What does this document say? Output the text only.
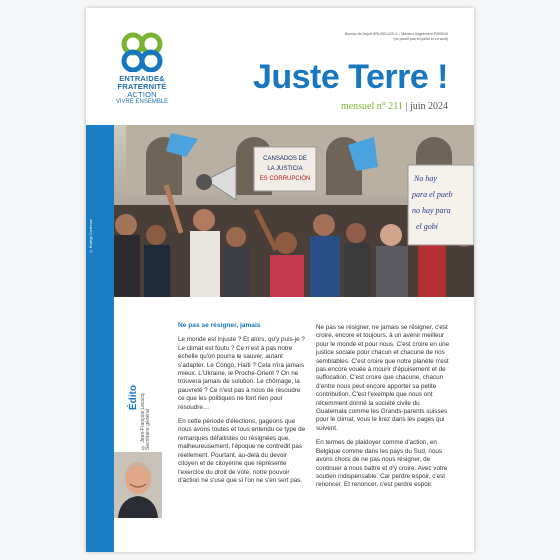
ENTRAIDE&
FRATERNITÉ
ACTION
VIVRE ENSEMBLE
Bureau de Dépôt BRUXELLES X • Numéro d'agrément P303016
(ne paraît pas en juillet et en août)
Juste Terre !
mensuel n° 211 | juin 2024
CANSADOS DE
LA JUSTICIA
ES CORRUPCIÓN	No hay
para el pueb
no hay para
el gobi
© Rodrigo Contreras
Édito © Jean-François Lecocq
Secrétaire général
Ne pas se résigner, jamais

Le monde est injuste ? Et alors, qu'y puis-je ? Le climat est foutu ? Ce n'est à pas notre échelle qu'on pourra le sauver, autant s'adapter. Le Congo, Haïti ? Cela n'ira jamais mieux. L'Ukraine, le Proche-Orient ? On ne trouvera jamais de solution. Le chômage, la pauvreté ? Ce n'est pas à nous de résoudre ce que les politiques ne font rien pour résoudre…

En cette période d'élections, gageons que nous avons toutes et tous entendu ce type de remarques défaitistes ou résignées que, malheureusement, l'époque ne contredit pas réellement. Pourtant, au-delà du devoir citoyen et de citoyenne que représente l'exercice du droit de vote, notre pouvoir d'action ne s'use que si l'on ne s'en sert pas.

Ne pas se résigner, ne jamais se résigner, c'est croire, encore et toujours, à un avenir meilleur pour le monde et pour nous. C'est croire en une justice sociale pour chacun et chacune de nos semblables. C'est croire que notre planète n'est pas encore vouée à mourir d'épuisement et de suffocation. C'est croire que chacune, chacun d'entre nous peut encore apporter sa petite contribution. C'est l'exemple que nous ont récemment donné la société civile du Guatemala comme les Grands-parents suisses pour le climat, vous le lirez dans les pages qui suivent.

En termes de plaidoyer comme d'action, en Belgique comme dans les pays du Sud, nous avons choisi de ne pas nous résigner, de continuer à nous battre et d'y croire. Avec votre soutien indispensable. Car perdre espoir, c'est renoncer. Et renoncer, c'est perdre espoir.
